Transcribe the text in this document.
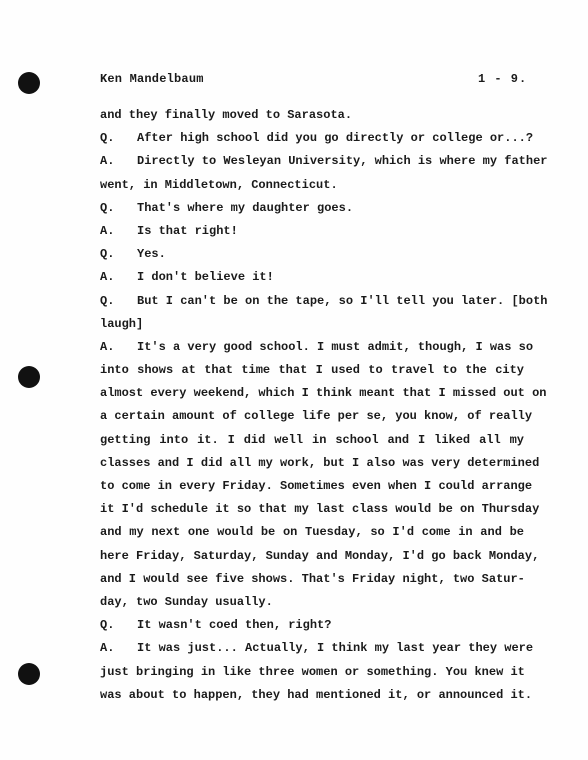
Ken Mandelbaum	1 - 9.
and they finally moved to Sarasota.
Q.	After high school did you go directly or college or...?
A.	Directly to Wesleyan University, which is where my father
went, in Middletown, Connecticut.
Q.	That's where my daughter goes.
A.	Is that right!
Q.	Yes.
A.	I don't believe it!
Q.	But I can't be on the tape, so I'll tell you later. [both
laugh]
A.	It's a very good school. I must admit, though, I was so
into shows at that time that I used to travel to the city
almost every weekend, which I think meant that I missed out on
a certain amount of college life per se, you know, of really
getting into it. I did well in school and I liked all my
classes and I did all my work, but I also was very determined
to come in every Friday. Sometimes even when I could arrange
it I'd schedule it so that my last class would be on Thursday
and my next one would be on Tuesday, so I'd come in and be
here Friday, Saturday, Sunday and Monday, I'd go back Monday,
and I would see five shows. That's Friday night, two Satur-
day, two Sunday usually.
Q.	It wasn't coed then, right?
A.	It was just... Actually, I think my last year they were
just bringing in like three women or something. You knew it
was about to happen, they had mentioned it, or announced it.
